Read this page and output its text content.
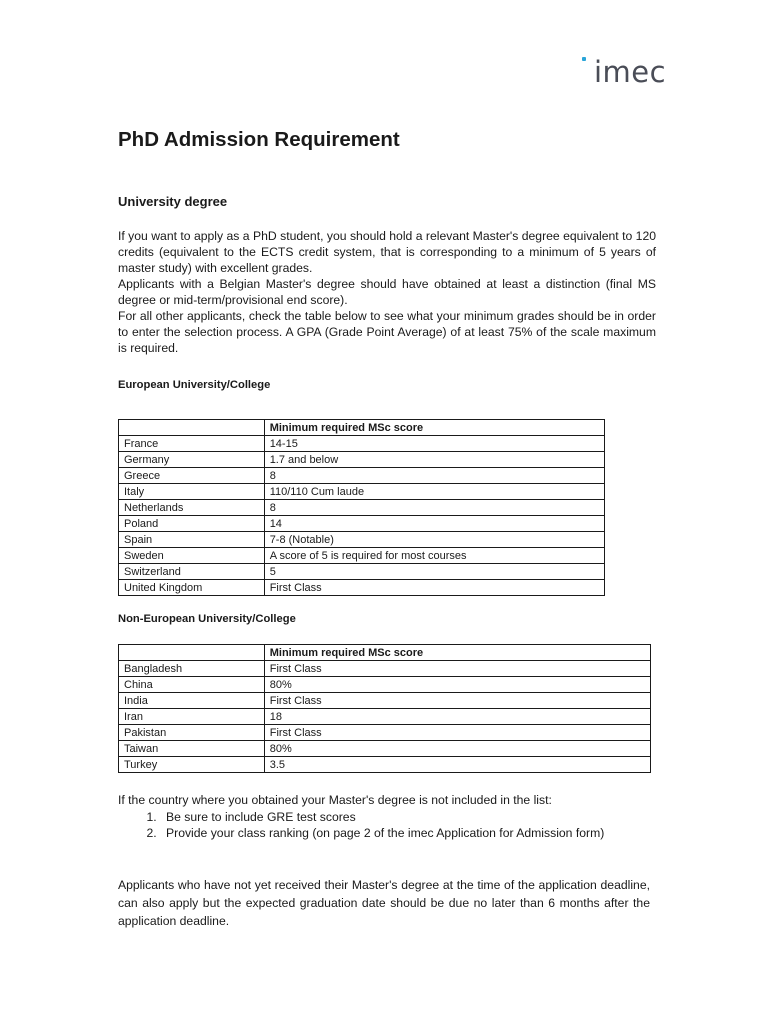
imec
PhD Admission Requirement
University degree

If you want to apply as a PhD student, you should hold a relevant Master's degree equivalent to 120 credits (equivalent to the ECTS credit system, that is corresponding to a minimum of 5 years of master study) with excellent grades.

Applicants with a Belgian Master's degree should have obtained at least a distinction (final MS degree or mid-term/provisional end score).

For all other applicants, check the table below to see what your minimum grades should be in order to enter the selection process. A GPA (Grade Point Average) of at least 75% of the scale maximum is required.

European University/College
	Minimum required MSc score
France	14-15
Germany	1.7 and below
Greece	8
Italy	110/110 Cum laude
Netherlands	8
Poland	14
Spain	7-8 (Notable)
Sweden	A score of 5 is required for most courses
Switzerland	5
United Kingdom	First Class
Non-European University/College
	Minimum required MSc score
Bangladesh	First Class
China	80%
India	First Class
Iran	18
Pakistan	First Class
Taiwan	80%
Turkey	3.5

If the country where you obtained your Master's degree is not included in the list:

1. Be sure to include GRE test scores
2. Provide your class ranking (on page 2 of the imec Application for Admission form)

Applicants who have not yet received their Master's degree at the time of the application deadline, can also apply but the expected graduation date should be due no later than 6 months after the application deadline.
